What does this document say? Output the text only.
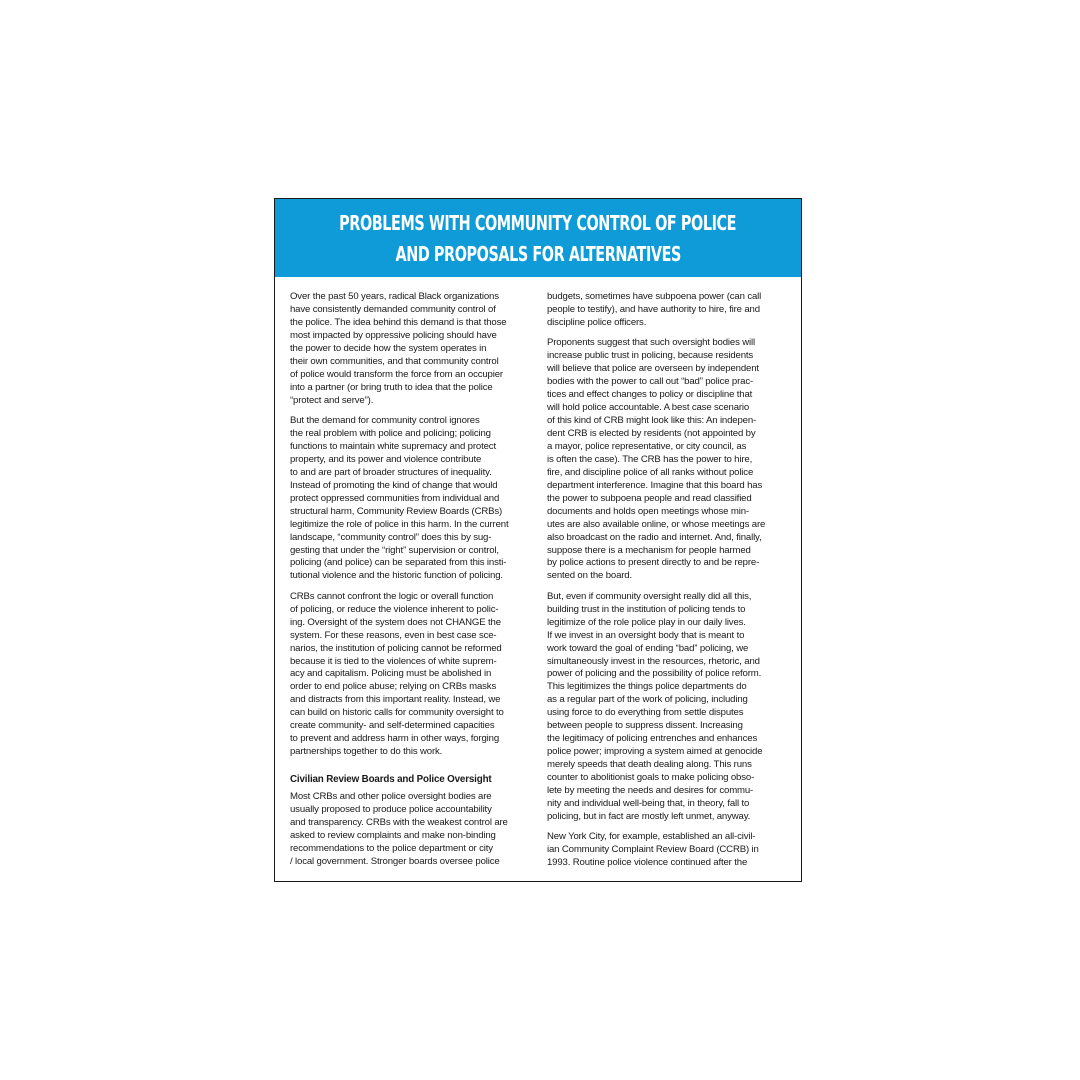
PROBLEMS WITH COMMUNITY CONTROL OF POLICE
AND PROPOSALS FOR ALTERNATIVES

Over the past 50 years, radical Black organizations
have consistently demanded community control of
the police. The idea behind this demand is that those
most impacted by oppressive policing should have
the power to decide how the system operates in
their own communities, and that community control
of police would transform the force from an occupier
into a partner (or bring truth to idea that the police
“protect and serve”).

But the demand for community control ignores
the real problem with police and policing; policing
functions to maintain white supremacy and protect
property, and its power and violence contribute
to and are part of broader structures of inequality.
Instead of promoting the kind of change that would
protect oppressed communities from individual and
structural harm, Community Review Boards (CRBs)
legitimize the role of police in this harm. In the current
landscape, “community control” does this by sug-
gesting that under the “right” supervision or control,
policing (and police) can be separated from this insti-
tutional violence and the historic function of policing.

CRBs cannot confront the logic or overall function
of policing, or reduce the violence inherent to polic-
ing. Oversight of the system does not CHANGE the
system. For these reasons, even in best case sce-
narios, the institution of policing cannot be reformed
because it is tied to the violences of white suprem-
acy and capitalism. Policing must be abolished in
order to end police abuse; relying on CRBs masks
and distracts from this important reality. Instead, we
can build on historic calls for community oversight to
create community- and self-determined capacities
to prevent and address harm in other ways, forging
partnerships together to do this work.

Civilian Review Boards and Police Oversight

Most CRBs and other police oversight bodies are
usually proposed to produce police accountability
and transparency. CRBs with the weakest control are
asked to review complaints and make non-binding
recommendations to the police department or city
/ local government. Stronger boards oversee police

budgets, sometimes have subpoena power (can call
people to testify), and have authority to hire, fire and
discipline police officers.

Proponents suggest that such oversight bodies will
increase public trust in policing, because residents
will believe that police are overseen by independent
bodies with the power to call out “bad” police prac-
tices and effect changes to policy or discipline that
will hold police accountable. A best case scenario
of this kind of CRB might look like this: An indepen-
dent CRB is elected by residents (not appointed by
a mayor, police representative, or city council, as
is often the case). The CRB has the power to hire,
fire, and discipline police of all ranks without police
department interference. Imagine that this board has
the power to subpoena people and read classified
documents and holds open meetings whose min-
utes are also available online, or whose meetings are
also broadcast on the radio and internet. And, finally,
suppose there is a mechanism for people harmed
by police actions to present directly to and be repre-
sented on the board.

But, even if community oversight really did all this,
building trust in the institution of policing tends to
legitimize of the role police play in our daily lives.
If we invest in an oversight body that is meant to
work toward the goal of ending “bad” policing, we
simultaneously invest in the resources, rhetoric, and
power of policing and the possibility of police reform.
This legitimizes the things police departments do
as a regular part of the work of policing, including
using force to do everything from settle disputes
between people to suppress dissent. Increasing
the legitimacy of policing entrenches and enhances
police power; improving a system aimed at genocide
merely speeds that death dealing along. This runs
counter to abolitionist goals to make policing obso-
lete by meeting the needs and desires for commu-
nity and individual well-being that, in theory, fall to
policing, but in fact are mostly left unmet, anyway.

New York City, for example, established an all-civil-
ian Community Complaint Review Board (CCRB) in
1993. Routine police violence continued after the
